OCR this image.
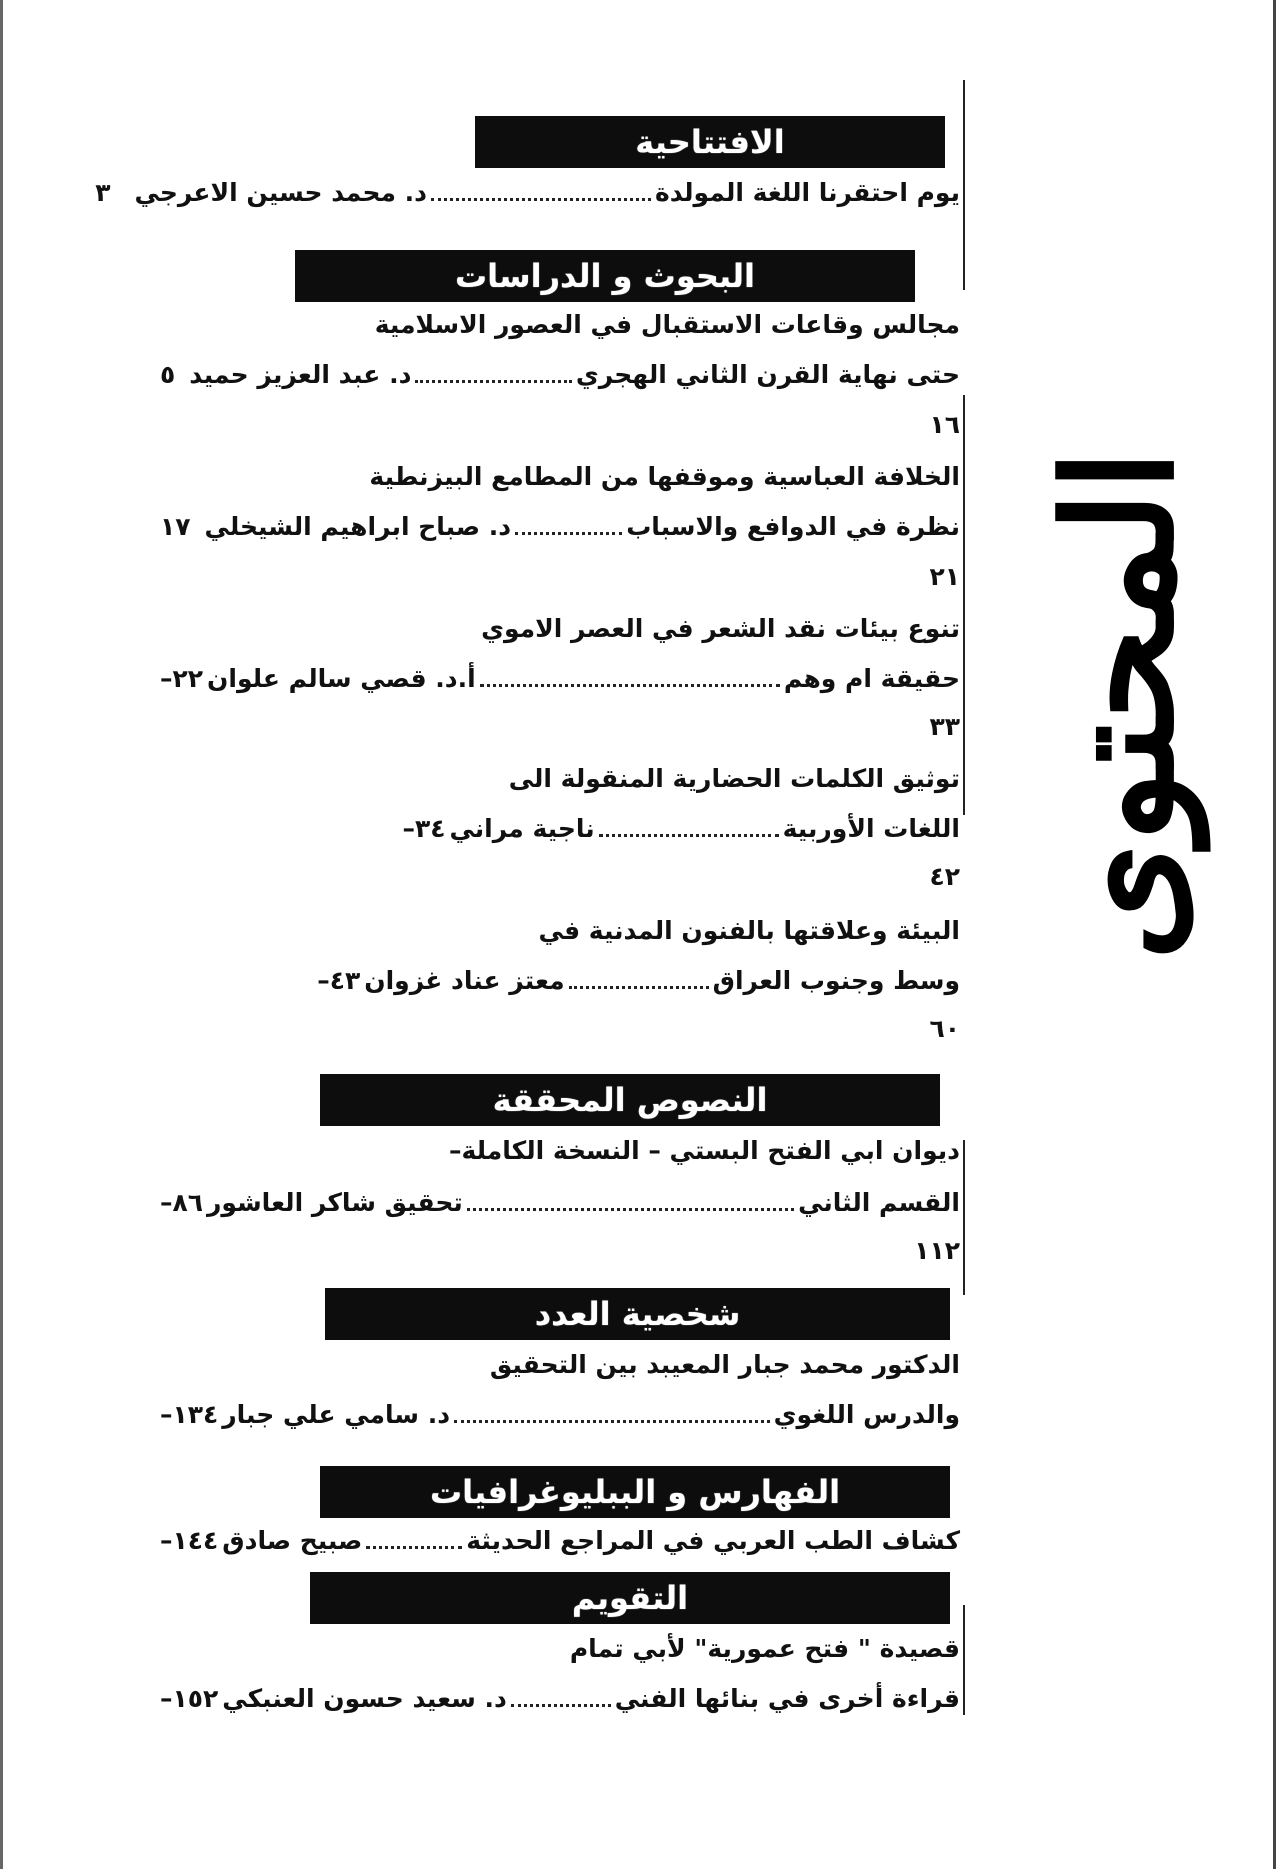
المحتوى
الافتتاحية
يوم احتقرنا اللغة المولدة
د. محمد حسين الاعرجي
٣
البحوث و الدراسات
مجالس وقاعات الاستقبال في العصور الاسلامية
حتى نهاية القرن الثاني الهجري
د. عبد العزيز حميد
٥
١٦
الخلافة العباسية وموقفها من المطامع البيزنطية
نظرة في الدوافع والاسباب
د. صباح ابراهيم الشيخلي
١٧
٢١
تنوع بيئات نقد الشعر في العصر الاموي
حقيقة ام وهم
أ.د. قصي سالم علوان
٢٢–
٣٣
توثيق الكلمات الحضارية المنقولة الى
اللغات الأوربية
ناجية مراني
٣٤–
٤٢
البيئة وعلاقتها بالفنون المدنية في
وسط وجنوب العراق
معتز عناد غزوان
٤٣–
٦٠
النصوص المحققة
ديوان ابي الفتح البستي – النسخة الكاملة–
القسم الثاني
تحقيق شاكر العاشور
٨٦–
١١٢
شخصية العدد
الدكتور محمد جبار المعيبد بين التحقيق
والدرس اللغوي
د. سامي علي جبار
١٣٤–
الفهارس و الببليوغرافيات
كشاف الطب العربي في المراجع الحديثة
صبيح صادق
١٤٤–
التقويم
قصيدة " فتح عمورية" لأبي تمام
قراءة أخرى في بنائها الفني
د. سعيد حسون العنبكي
١٥٢–
